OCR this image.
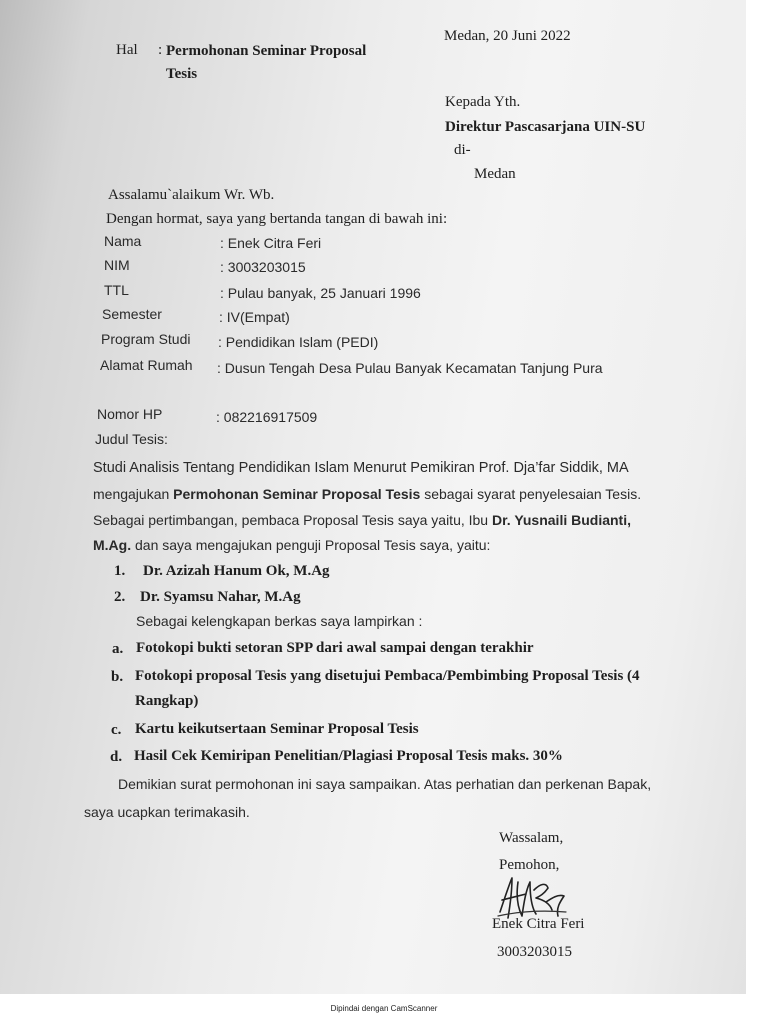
Medan, 20 Juni 2022

Hal : Permohonan Seminar Proposal

Tesis

Kepada Yth.

Direktur Pascasarjana UIN-SU

di-

Medan

Assalamu`alaikum Wr. Wb.

Dengan hormat, saya yang bertanda tangan di bawah ini:

Nama	: Enek Citra Feri

NIM	: 3003203015

TTL	: Pulau banyak, 25 Januari 1996

Semester	: IV(Empat)

Program Studi : Pendidikan Islam (PEDI)

Alamat Rumah : Dusun Tengah Desa Pulau Banyak Kecamatan Tanjung Pura

Nomor HP	: 082216917509

Judul Tesis:

Studi Analisis Tentang Pendidikan Islam Menurut Pemikiran Prof. Dja’far Siddik, MA

mengajukan Permohonan Seminar Proposal Tesis sebagai syarat penyelesaian Tesis.

Sebagai pertimbangan, pembaca Proposal Tesis saya yaitu, Ibu Dr. Yusnaili Budianti,

M.Ag. dan saya mengajukan penguji Proposal Tesis saya, yaitu:

1. Dr. Azizah Hanum Ok, M.Ag

2. Dr. Syamsu Nahar, M.Ag

Sebagai kelengkapan berkas saya lampirkan :

a. Fotokopi bukti setoran SPP dari awal sampai dengan terakhir

b. Fotokopi proposal Tesis yang disetujui Pembaca/Pembimbing Proposal Tesis (4

Rangkap)

c. Kartu keikutsertaan Seminar Proposal Tesis

d. Hasil Cek Kemiripan Penelitian/Plagiasi Proposal Tesis maks. 30%

Demikian surat permohonan ini saya sampaikan. Atas perhatian dan perkenan Bapak,

saya ucapkan terimakasih.

Wassalam,

Pemohon,

Enek Citra Feri

3003203015

Dipindai dengan CamScanner
